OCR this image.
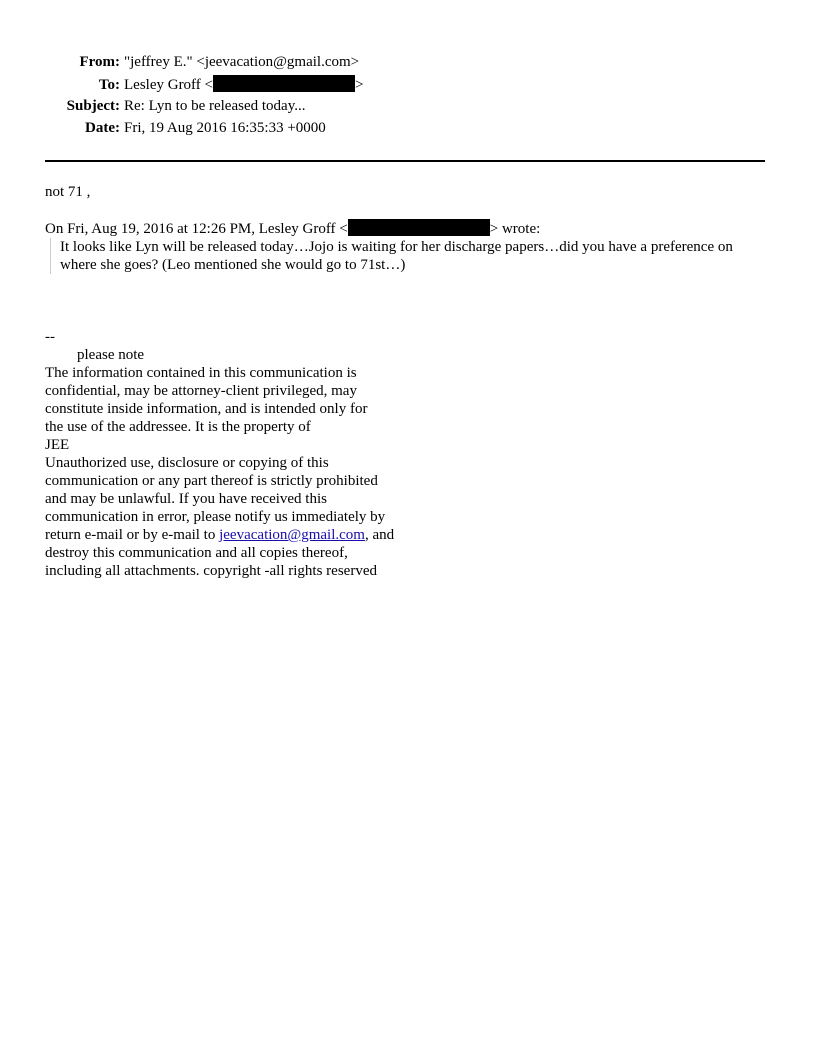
From: "jeffrey E." <jeevacation@gmail.com>
To: Lesley Groff <	>
Subject: Re: Lyn to be released today...
Date: Fri, 19 Aug 2016 16:35:33 +0000

not 71 ,

On Fri, Aug 19, 2016 at 12:26 PM, Lesley Groff <	> wrote:
It looks like Lyn will be released today…Jojo is waiting for her discharge papers…did you have a preference on where she goes? (Leo mentioned she would go to 71st…)
--
please note
The information contained in this communication is
confidential, may be attorney-client privileged, may
constitute inside information, and is intended only for
the use of the addressee. It is the property of
JEE
Unauthorized use, disclosure or copying of this
communication or any part thereof is strictly prohibited
and may be unlawful. If you have received this
communication in error, please notify us immediately by
return e-mail or by e-mail to jeevacation@gmail.com, and
destroy this communication and all copies thereof,
including all attachments. copyright -all rights reserved
